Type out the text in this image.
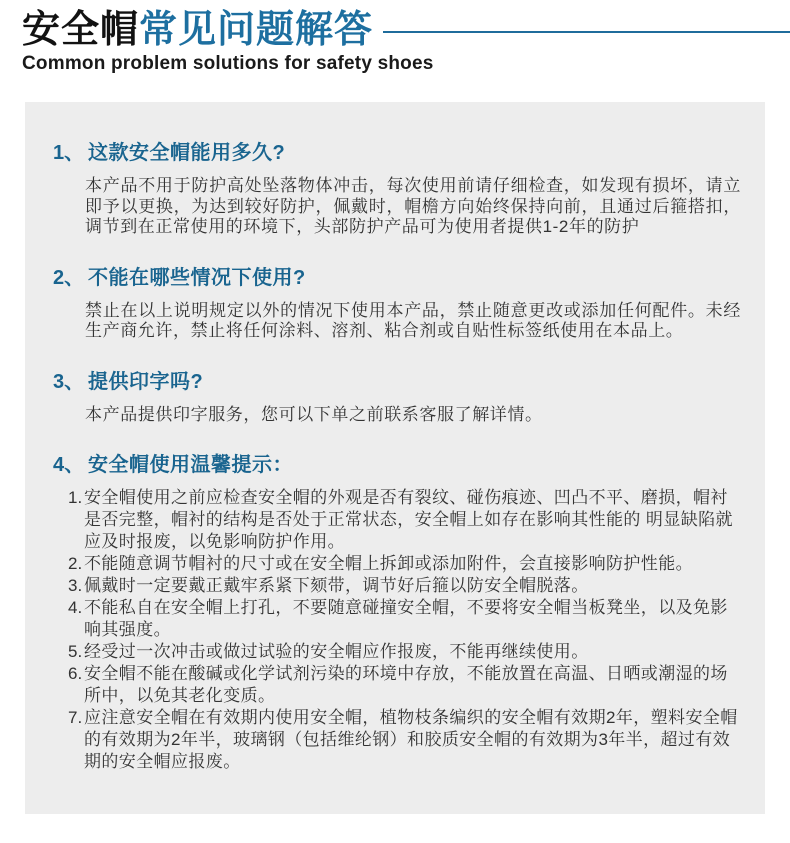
安全帽常见问题解答
Common problem solutions for safety shoes
1、 这款安全帽能用多久?

本产品不用于防护高处坠落物体冲击，每次使用前请仔细检查，如发现有损坏，请立即予以更换，为达到较好防护，佩戴时，帽檐方向始终保持向前，且通过后箍搭扣，调节到在正常使用的环境下，头部防护产品可为使用者提供1-2年的防护

2、 不能在哪些情况下使用?

禁止在以上说明规定以外的情况下使用本产品，禁止随意更改或添加任何配件。未经生产商允许，禁止将任何涂料、溶剂、粘合剂或自贴性标签纸使用在本品上。

3、 提供印字吗?

本产品提供印字服务，您可以下单之前联系客服了解详情。

4、 安全帽使用温馨提示：
1. 安全帽使用之前应检查安全帽的外观是否有裂纹、碰伤痕迹、凹凸不平、磨损，帽衬是否完整，帽衬的结构是否处于正常状态，安全帽上如存在影响其性能的 明显缺陷就应及时报废，以免影响防护作用。
2. 不能随意调节帽衬的尺寸或在安全帽上拆卸或添加附件，会直接影响防护性能。
3. 佩戴时一定要戴正戴牢系紧下颏带，调节好后箍以防安全帽脱落。
4. 不能私自在安全帽上打孔，不要随意碰撞安全帽，不要将安全帽当板凳坐，以及免影响其强度。
5. 经受过一次冲击或做过试验的安全帽应作报废，不能再继续使用。
6. 安全帽不能在酸碱或化学试剂污染的环境中存放，不能放置在高温、日晒或潮湿的场所中，以免其老化变质。
7. 应注意安全帽在有效期内使用安全帽，植物枝条编织的安全帽有效期2年，塑料安全帽的有效期为2年半，玻璃钢（包括维纶钢）和胶质安全帽的有效期为3年半，超过有效期的安全帽应报废。
